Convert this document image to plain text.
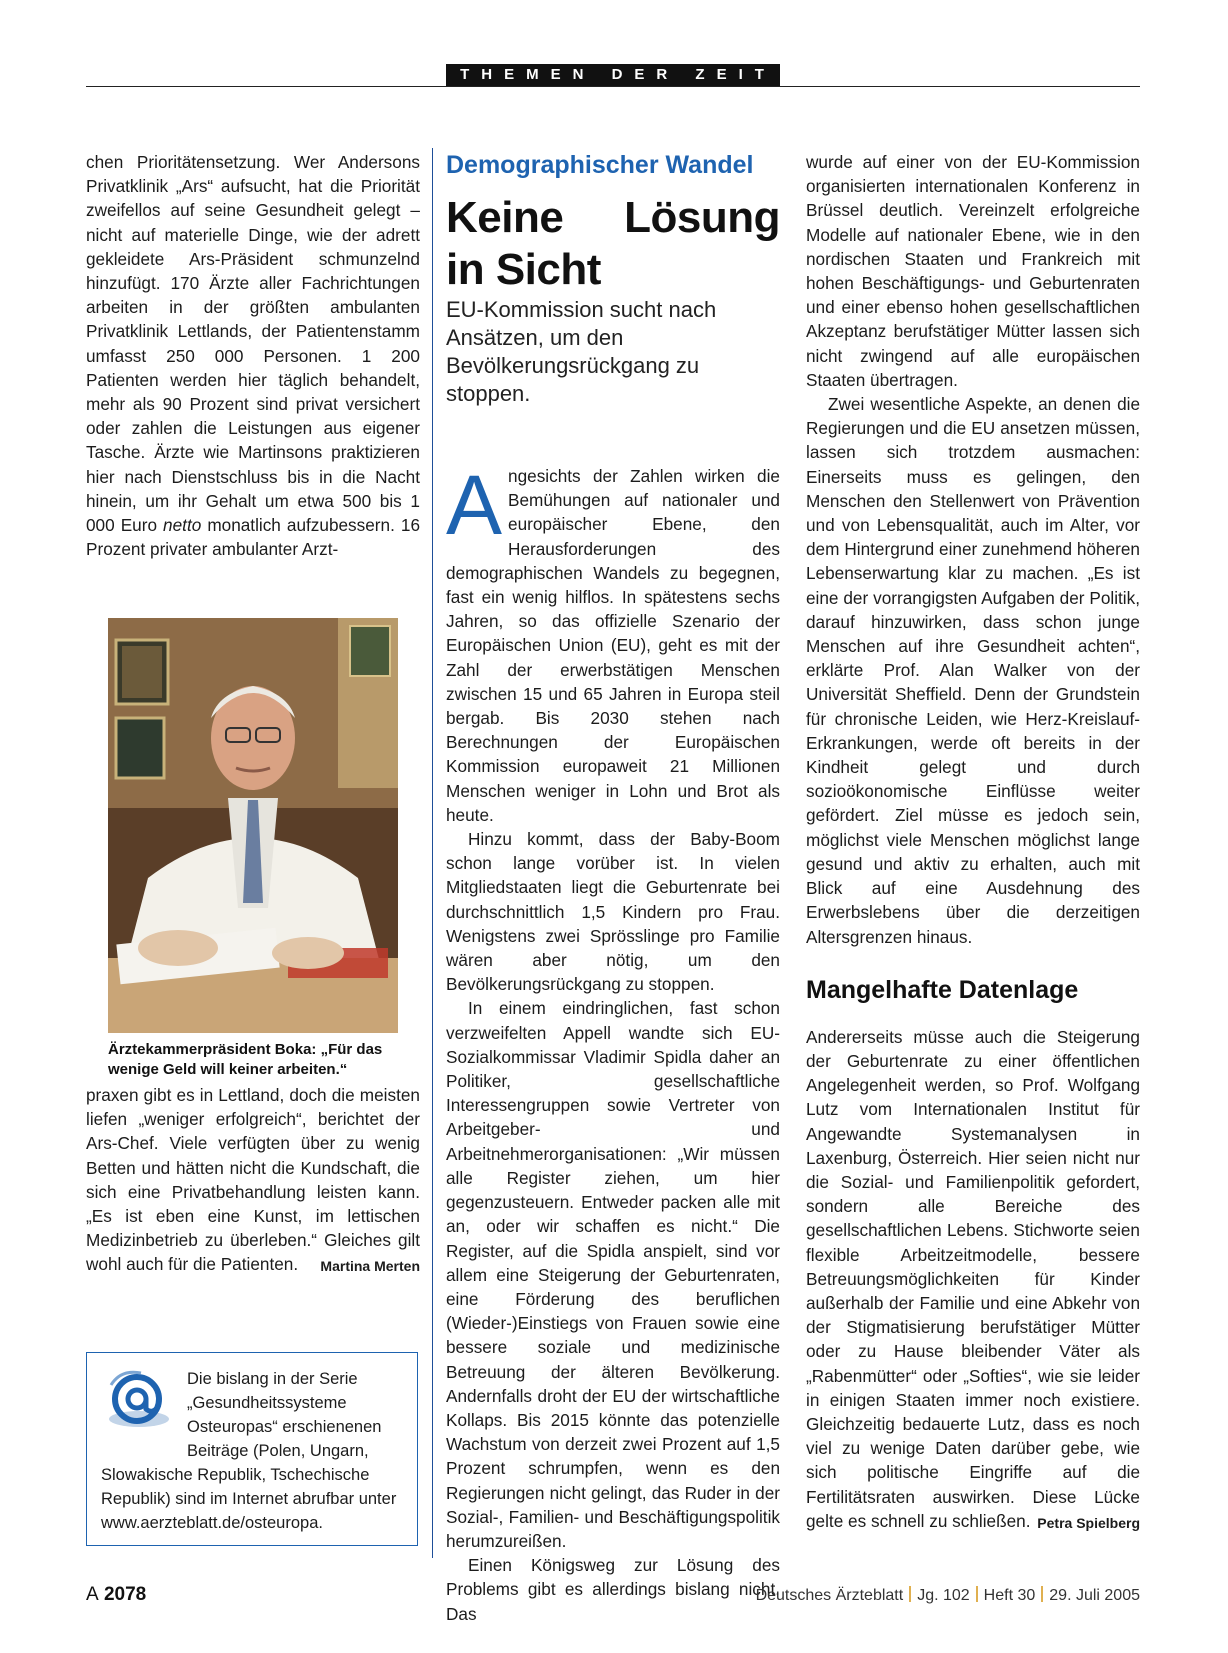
THEMEN DER ZEIT

chen Prioritätensetzung. Wer Andersons Privatklinik „Ars“ aufsucht, hat die Priorität zweifellos auf seine Gesundheit gelegt – nicht auf materielle Dinge, wie der adrett gekleidete Ars-Präsident schmunzelnd hinzufügt. 170 Ärzte aller Fachrichtungen arbeiten in der größten ambulanten Privatklinik Lettlands, der Patientenstamm umfasst 250 000 Personen. 1 200 Patienten werden hier täglich behandelt, mehr als 90 Prozent sind privat versichert oder zahlen die Leistungen aus eigener Tasche. Ärzte wie Martinsons praktizieren hier nach Dienstschluss bis in die Nacht hinein, um ihr Gehalt um etwa 500 bis 1 000 Euro netto monatlich aufzubessern. 16 Prozent privater ambulanter Arzt-

Ärztekammerpräsident Boka: „Für das wenige Geld will keiner arbeiten.“

praxen gibt es in Lettland, doch die meisten liefen „weniger erfolgreich“, berichtet der Ars-Chef. Viele verfügten über zu wenig Betten und hätten nicht die Kundschaft, die sich eine Privatbehandlung leisten kann. „Es ist eben eine Kunst, im lettischen Medizinbetrieb zu überleben.“ Gleiches gilt wohl auch für die Patienten. Martina Merten

Die bislang in der Serie „Gesundheitssysteme Osteuropas“ erschienenen Beiträge (Polen, Ungarn, Slowakische Republik, Tschechische Republik) sind im Internet abrufbar unter www.aerzteblatt.de/osteuropa.
Demographischer Wandel
Keine Lösung in Sicht

EU-Kommission sucht nach Ansätzen, um den Bevölkerungsrückgang zu stoppen.

Angesichts der Zahlen wirken die Bemühungen auf nationaler und europäischer Ebene, den Herausforderungen des demographischen Wandels zu begegnen, fast ein wenig hilflos. In spätestens sechs Jahren, so das offizielle Szenario der Europäischen Union (EU), geht es mit der Zahl der erwerbstätigen Menschen zwischen 15 und 65 Jahren in Europa steil bergab. Bis 2030 stehen nach Berechnungen der Europäischen Kommission europaweit 21 Millionen Menschen weniger in Lohn und Brot als heute.

Hinzu kommt, dass der Baby-Boom schon lange vorüber ist. In vielen Mitgliedstaaten liegt die Geburtenrate bei durchschnittlich 1,5 Kindern pro Frau. Wenigstens zwei Sprösslinge pro Familie wären aber nötig, um den Bevölkerungsrückgang zu stoppen.

In einem eindringlichen, fast schon verzweifelten Appell wandte sich EU-Sozialkommissar Vladimir Spidla daher an Politiker, gesellschaftliche Interessengruppen sowie Vertreter von Arbeitgeber- und Arbeitnehmerorganisationen: „Wir müssen alle Register ziehen, um hier gegenzusteuern. Entweder packen alle mit an, oder wir schaffen es nicht.“ Die Register, auf die Spidla anspielt, sind vor allem eine Steigerung der Geburtenraten, eine Förderung des beruflichen (Wieder-)Einstiegs von Frauen sowie eine bessere soziale und medizinische Betreuung der älteren Bevölkerung. Andernfalls droht der EU der wirtschaftliche Kollaps. Bis 2015 könnte das potenzielle Wachstum von derzeit zwei Prozent auf 1,5 Prozent schrumpfen, wenn es den Regierungen nicht gelingt, das Ruder in der Sozial-, Familien- und Beschäftigungspolitik herumzureißen.

Einen Königsweg zur Lösung des Problems gibt es allerdings bislang nicht. Das

wurde auf einer von der EU-Kommission organisierten internationalen Konferenz in Brüssel deutlich. Vereinzelt erfolgreiche Modelle auf nationaler Ebene, wie in den nordischen Staaten und Frankreich mit hohen Beschäftigungs- und Geburtenraten und einer ebenso hohen gesellschaftlichen Akzeptanz berufstätiger Mütter lassen sich nicht zwingend auf alle europäischen Staaten übertragen.

Zwei wesentliche Aspekte, an denen die Regierungen und die EU ansetzen müssen, lassen sich trotzdem ausmachen: Einerseits muss es gelingen, den Menschen den Stellenwert von Prävention und von Lebensqualität, auch im Alter, vor dem Hintergrund einer zunehmend höheren Lebenserwartung klar zu machen. „Es ist eine der vorrangigsten Aufgaben der Politik, darauf hinzuwirken, dass schon junge Menschen auf ihre Gesundheit achten“, erklärte Prof. Alan Walker von der Universität Sheffield. Denn der Grundstein für chronische Leiden, wie Herz-Kreislauf-Erkrankungen, werde oft bereits in der Kindheit gelegt und durch sozioökonomische Einflüsse weiter gefördert. Ziel müsse es jedoch sein, möglichst viele Menschen möglichst lange gesund und aktiv zu erhalten, auch mit Blick auf eine Ausdehnung des Erwerbslebens über die derzeitigen Altersgrenzen hinaus.

Mangelhafte Datenlage

Andererseits müsse auch die Steigerung der Geburtenrate zu einer öffentlichen Angelegenheit werden, so Prof. Wolfgang Lutz vom Internationalen Institut für Angewandte Systemanalysen in Laxenburg, Österreich. Hier seien nicht nur die Sozial- und Familienpolitik gefordert, sondern alle Bereiche des gesellschaftlichen Lebens. Stichworte seien flexible Arbeitzeitmodelle, bessere Betreuungsmöglichkeiten für Kinder außerhalb der Familie und eine Abkehr von der Stigmatisierung berufstätiger Mütter oder zu Hause bleibender Väter als „Rabenmütter“ oder „Softies“, wie sie leider in einigen Staaten immer noch existiere. Gleichzeitig bedauerte Lutz, dass es noch viel zu wenige Daten darüber gebe, wie sich politische Eingriffe auf die Fertilitätsraten auswirken. Diese Lücke gelte es schnell zu schließen. Petra Spielberg

A 2078	Deutsches Ärzteblatt Jg. 102 Heft 30 29. Juli 2005
